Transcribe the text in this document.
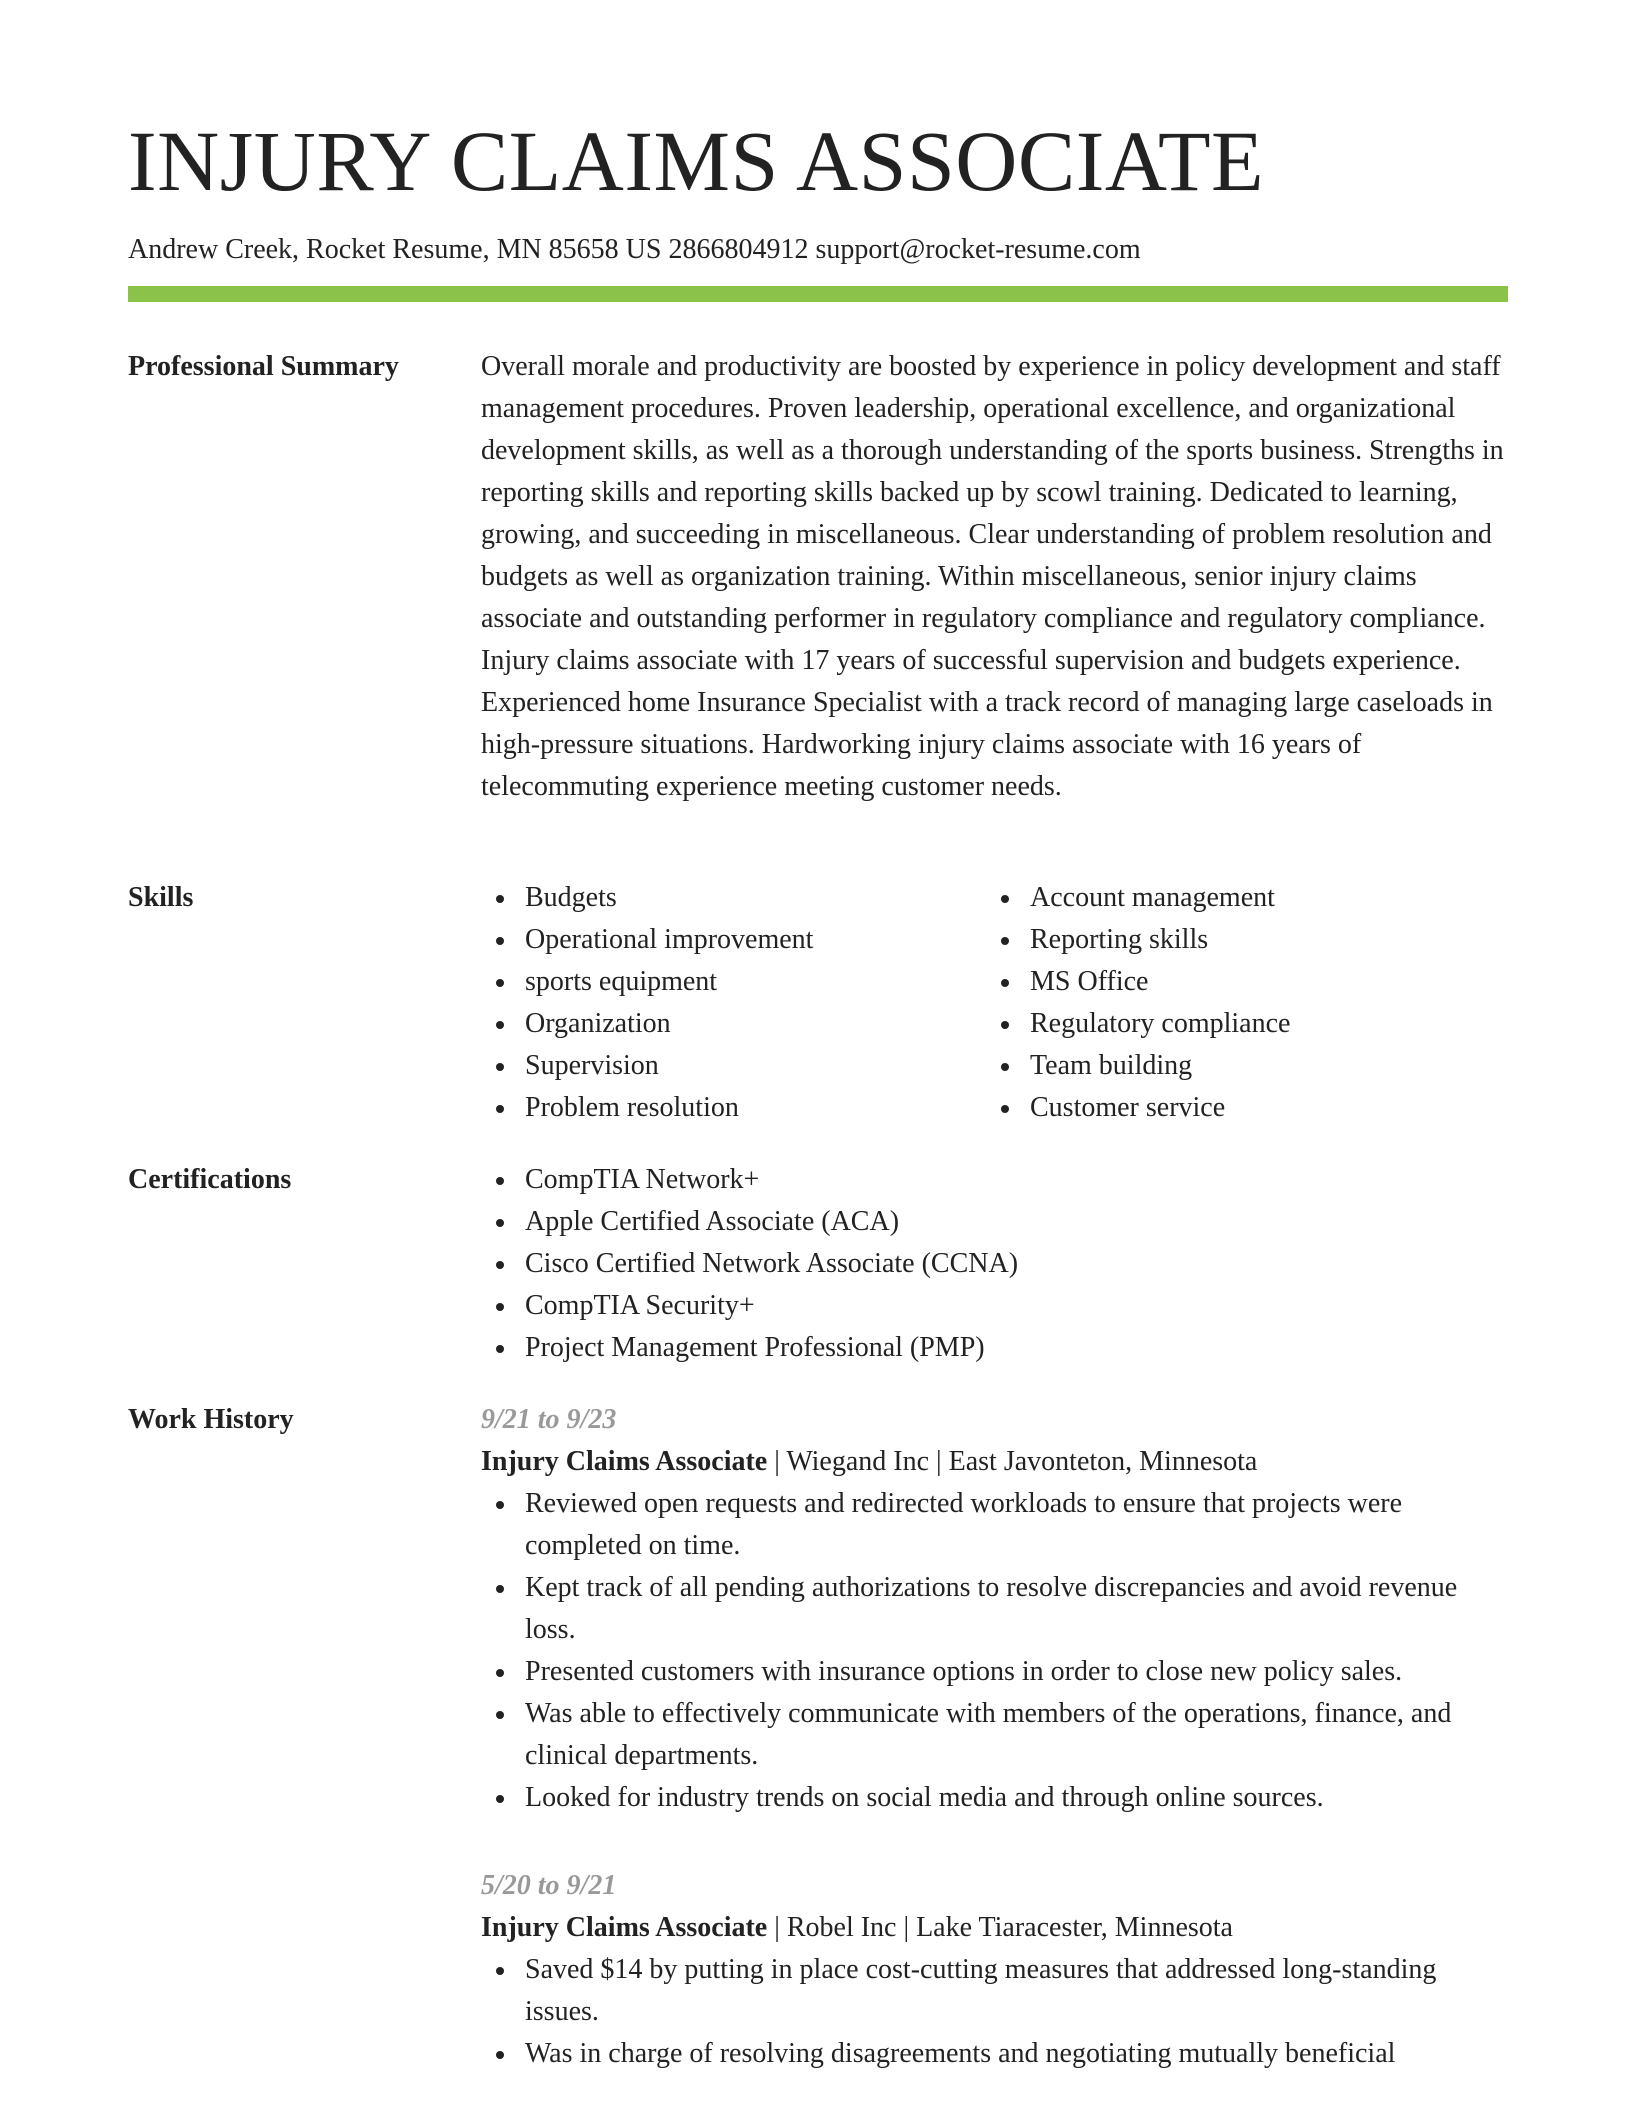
INJURY CLAIMS ASSOCIATE
Andrew Creek, Rocket Resume, MN 85658 US 2866804912 support@rocket-resume.com
Professional Summary	Overall morale and productivity are boosted by experience in policy development and staff management procedures. Proven leadership, operational excellence, and organizational development skills, as well as a thorough understanding of the sports business. Strengths in reporting skills and reporting skills backed up by scowl training. Dedicated to learning, growing, and succeeding in miscellaneous. Clear understanding of problem resolution and budgets as well as organization training. Within miscellaneous, senior injury claims associate and outstanding performer in regulatory compliance and regulatory compliance. Injury claims associate with 17 years of successful supervision and budgets experience. Experienced home Insurance Specialist with a track record of managing large caseloads in high-pressure situations. Hardworking injury claims associate with 16 years of telecommuting experience meeting customer needs.

Skills	Budgets
Operational improvement
sports equipment
Organization
Supervision
Problem resolution
Account management
Reporting skills
MS Office
Regulatory compliance
Team building
Customer service
Certifications	CompTIA Network+
Apple Certified Associate (ACA)
Cisco Certified Network Associate (CCNA)
CompTIA Security+
Project Management Professional (PMP)
Work History	9/21 to 9/23
Injury Claims Associate | Wiegand Inc | East Javonteton, Minnesota
Reviewed open requests and redirected workloads to ensure that projects were completed on time.
Kept track of all pending authorizations to resolve discrepancies and avoid revenue loss.
Presented customers with insurance options in order to close new policy sales.
Was able to effectively communicate with members of the operations, finance, and clinical departments.
Looked for industry trends on social media and through online sources.
5/20 to 9/21
Injury Claims Associate | Robel Inc | Lake Tiaracester, Minnesota
Saved $14 by putting in place cost-cutting measures that addressed long-standing issues.
Was in charge of resolving disagreements and negotiating mutually beneficial
